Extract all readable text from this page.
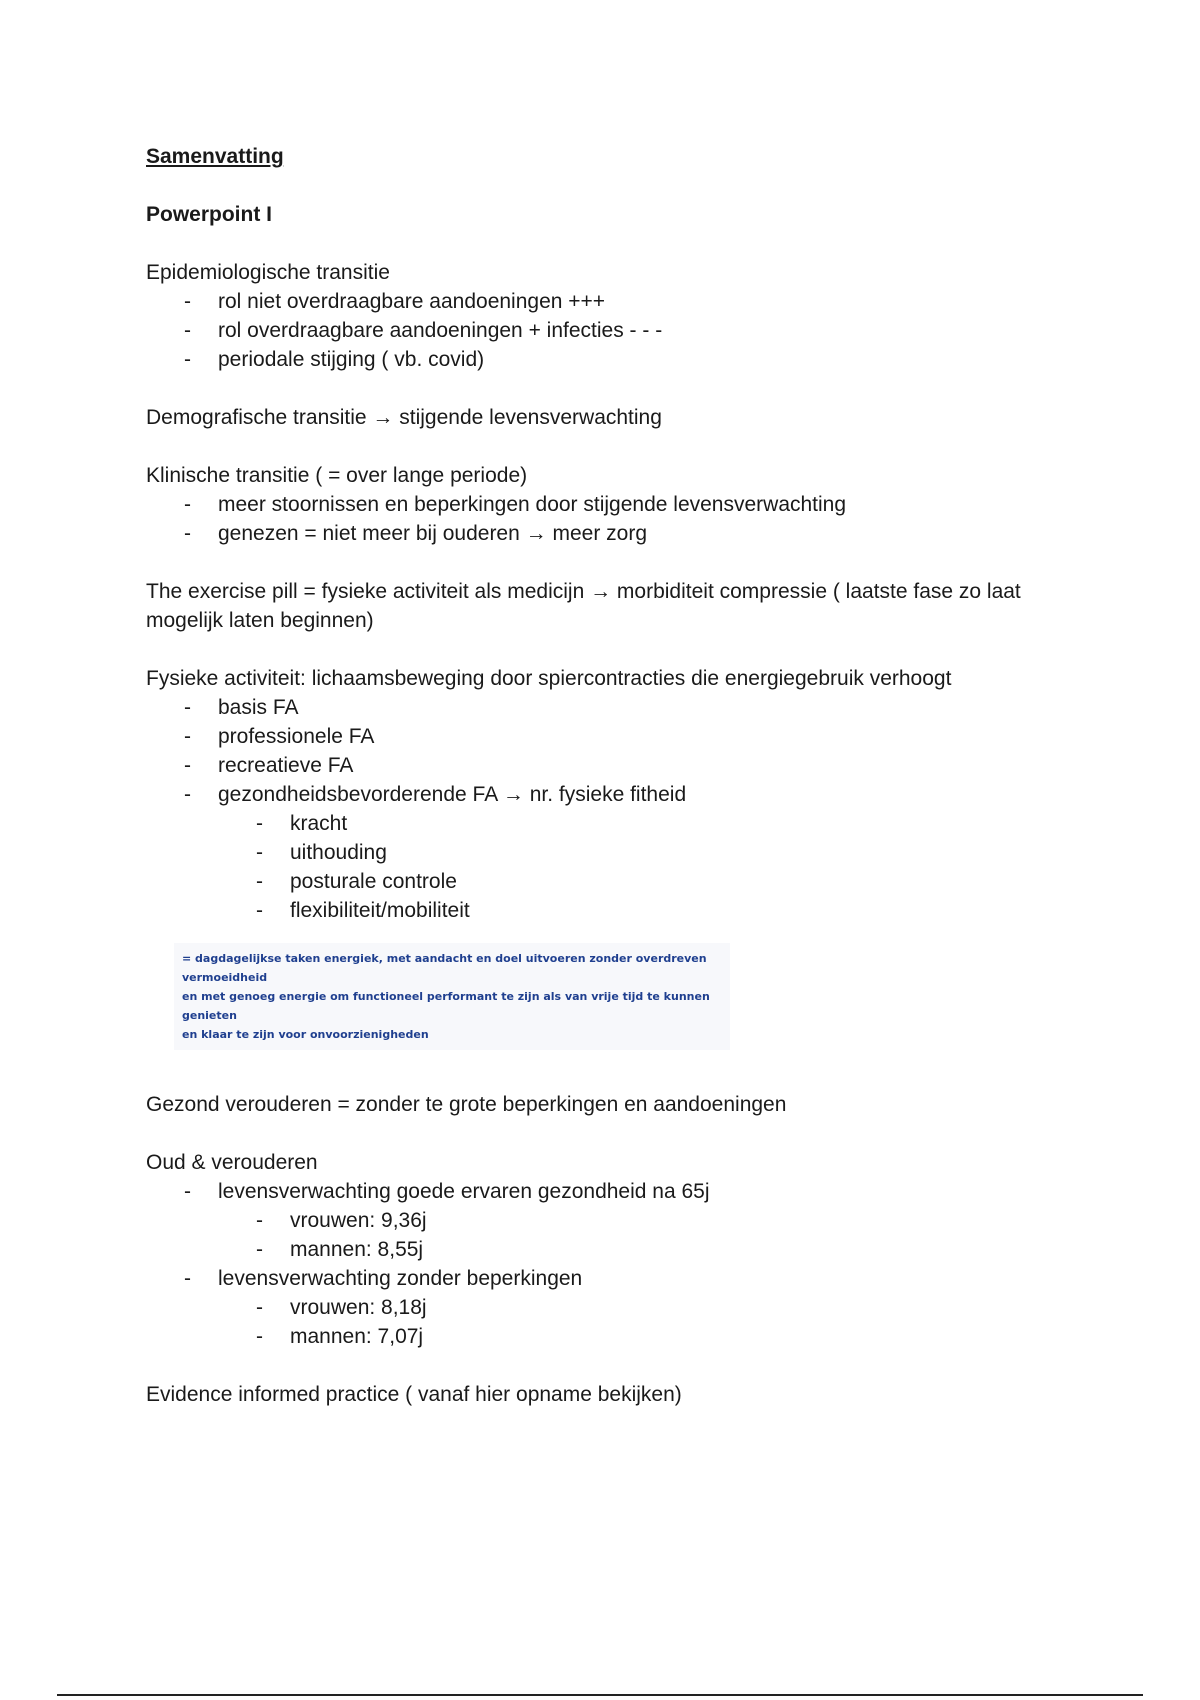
Samenvatting

Powerpoint I

Epidemiologische transitie

- rol niet overdraagbare aandoeningen +++
- rol overdraagbare aandoeningen + infecties - - -
- periodale stijging ( vb. covid)

Demografische transitie → stijgende levensverwachting

Klinische transitie ( = over lange periode)

- meer stoornissen en beperkingen door stijgende levensverwachting
- genezen = niet meer bij ouderen → meer zorg

The exercise pill = fysieke activiteit als medicijn → morbiditeit compressie ( laatste fase zo laat

mogelijk laten beginnen)

Fysieke activiteit: lichaamsbeweging door spiercontracties die energiegebruik verhoogt

- basis FA
- professionele FA
- recreatieve FA
- gezondheidsbevorderende FA → nr. fysieke fitheid
- kracht
- uithouding
- posturale controle
- flexibiliteit/mobiliteit

= dagdagelijkse taken energiek, met aandacht en doel uitvoeren zonder overdreven vermoeidheid

en met genoeg energie om functioneel performant te zijn als van vrije tijd te kunnen genieten

en klaar te zijn voor onvoorzienigheden

Gezond verouderen = zonder te grote beperkingen en aandoeningen

Oud & verouderen

- levensverwachting goede ervaren gezondheid na 65j
- vrouwen: 9,36j
- mannen: 8,55j
- levensverwachting zonder beperkingen
- vrouwen: 8,18j
- mannen: 7,07j

Evidence informed practice ( vanaf hier opname bekijken)
